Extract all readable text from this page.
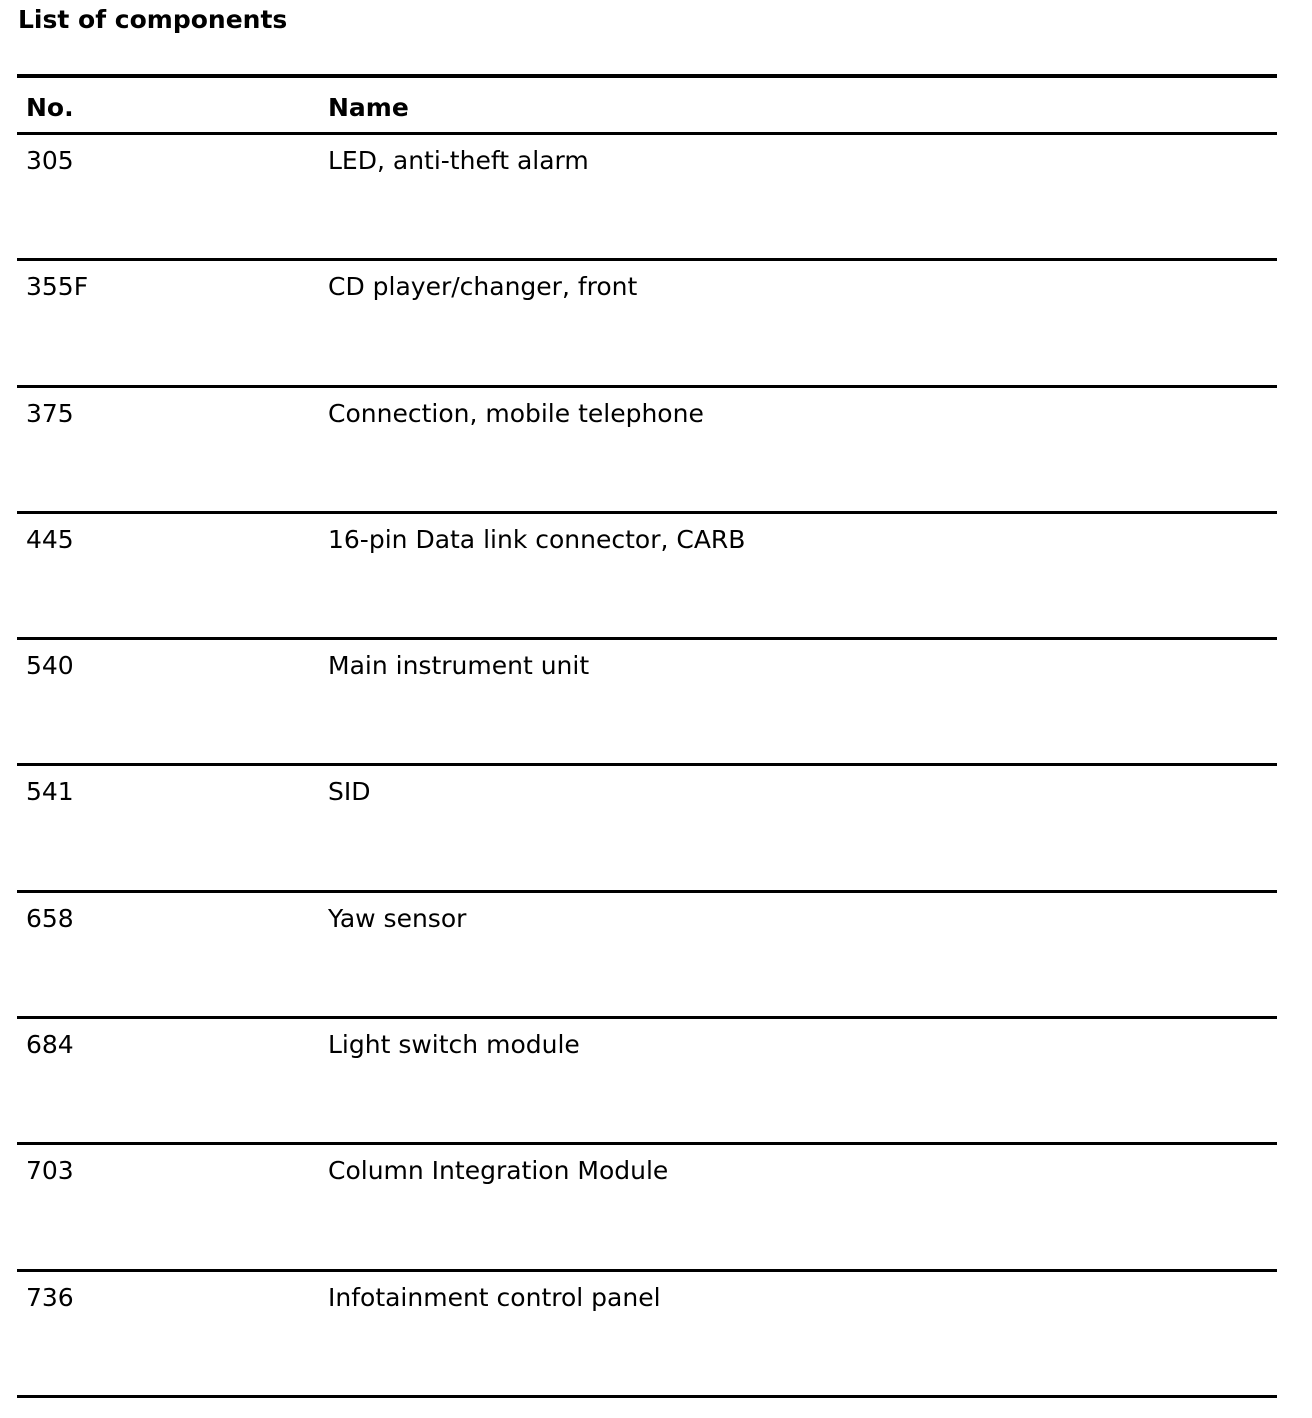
List of components
No.	Name
305	LED, anti-theft alarm
355F	CD player/changer, front
375	Connection, mobile telephone
445	16-pin Data link connector, CARB
540	Main instrument unit
541	SID
658	Yaw sensor
684	Light switch module
703	Column Integration Module
736	Infotainment control panel
